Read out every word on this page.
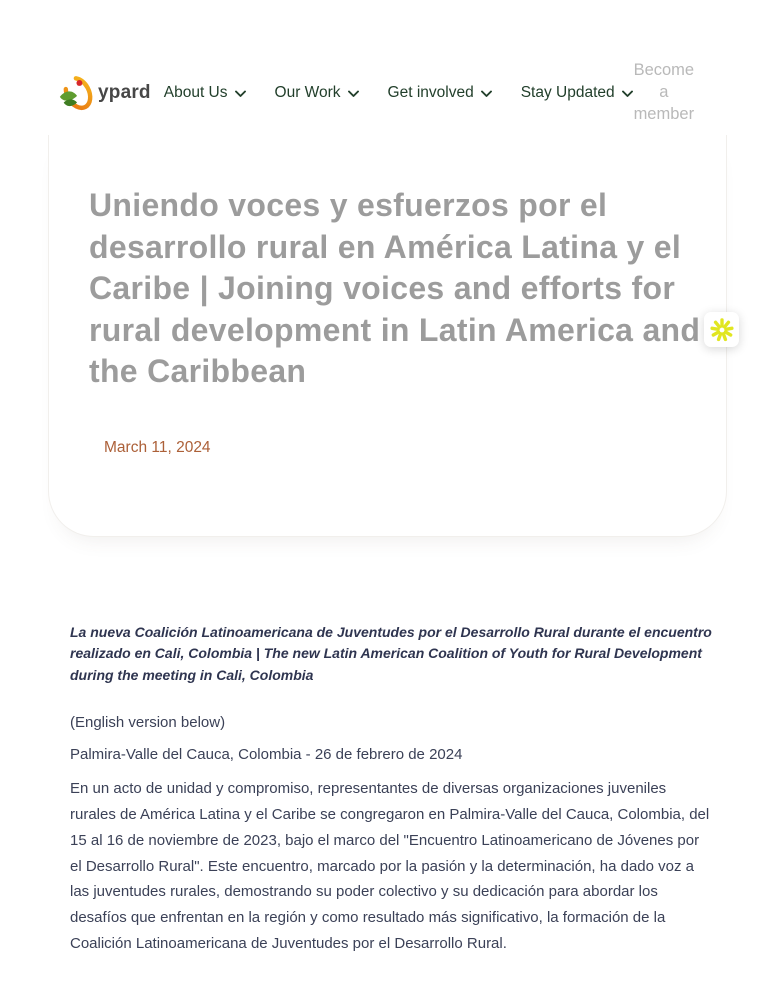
ypard About Us	Our Work	Get involved	Stay Updated
Become a member
Uniendo voces y esfuerzos por el desarrollo rural en América Latina y el Caribe | Joining voices and efforts for rural development in Latin America and the Caribbean
March 11, 2024

La nueva Coalición Latinoamericana de Juventudes por el Desarrollo Rural durante el encuentro realizado en Cali, Colombia | The new Latin American Coalition of Youth for Rural Development during the meeting in Cali, Colombia

(English version below)

Palmira-Valle del Cauca, Colombia - 26 de febrero de 2024

En un acto de unidad y compromiso, representantes de diversas organizaciones juveniles rurales de América Latina y el Caribe se congregaron en Palmira-Valle del Cauca, Colombia, del 15 al 16 de noviembre de 2023, bajo el marco del "Encuentro Latinoamericano de Jóvenes por el Desarrollo Rural". Este encuentro, marcado por la pasión y la determinación, ha dado voz a las juventudes rurales, demostrando su poder colectivo y su dedicación para abordar los desafíos que enfrentan en la región y como resultado más significativo, la formación de la Coalición Latinoamericana de Juventudes por el Desarrollo Rural.
